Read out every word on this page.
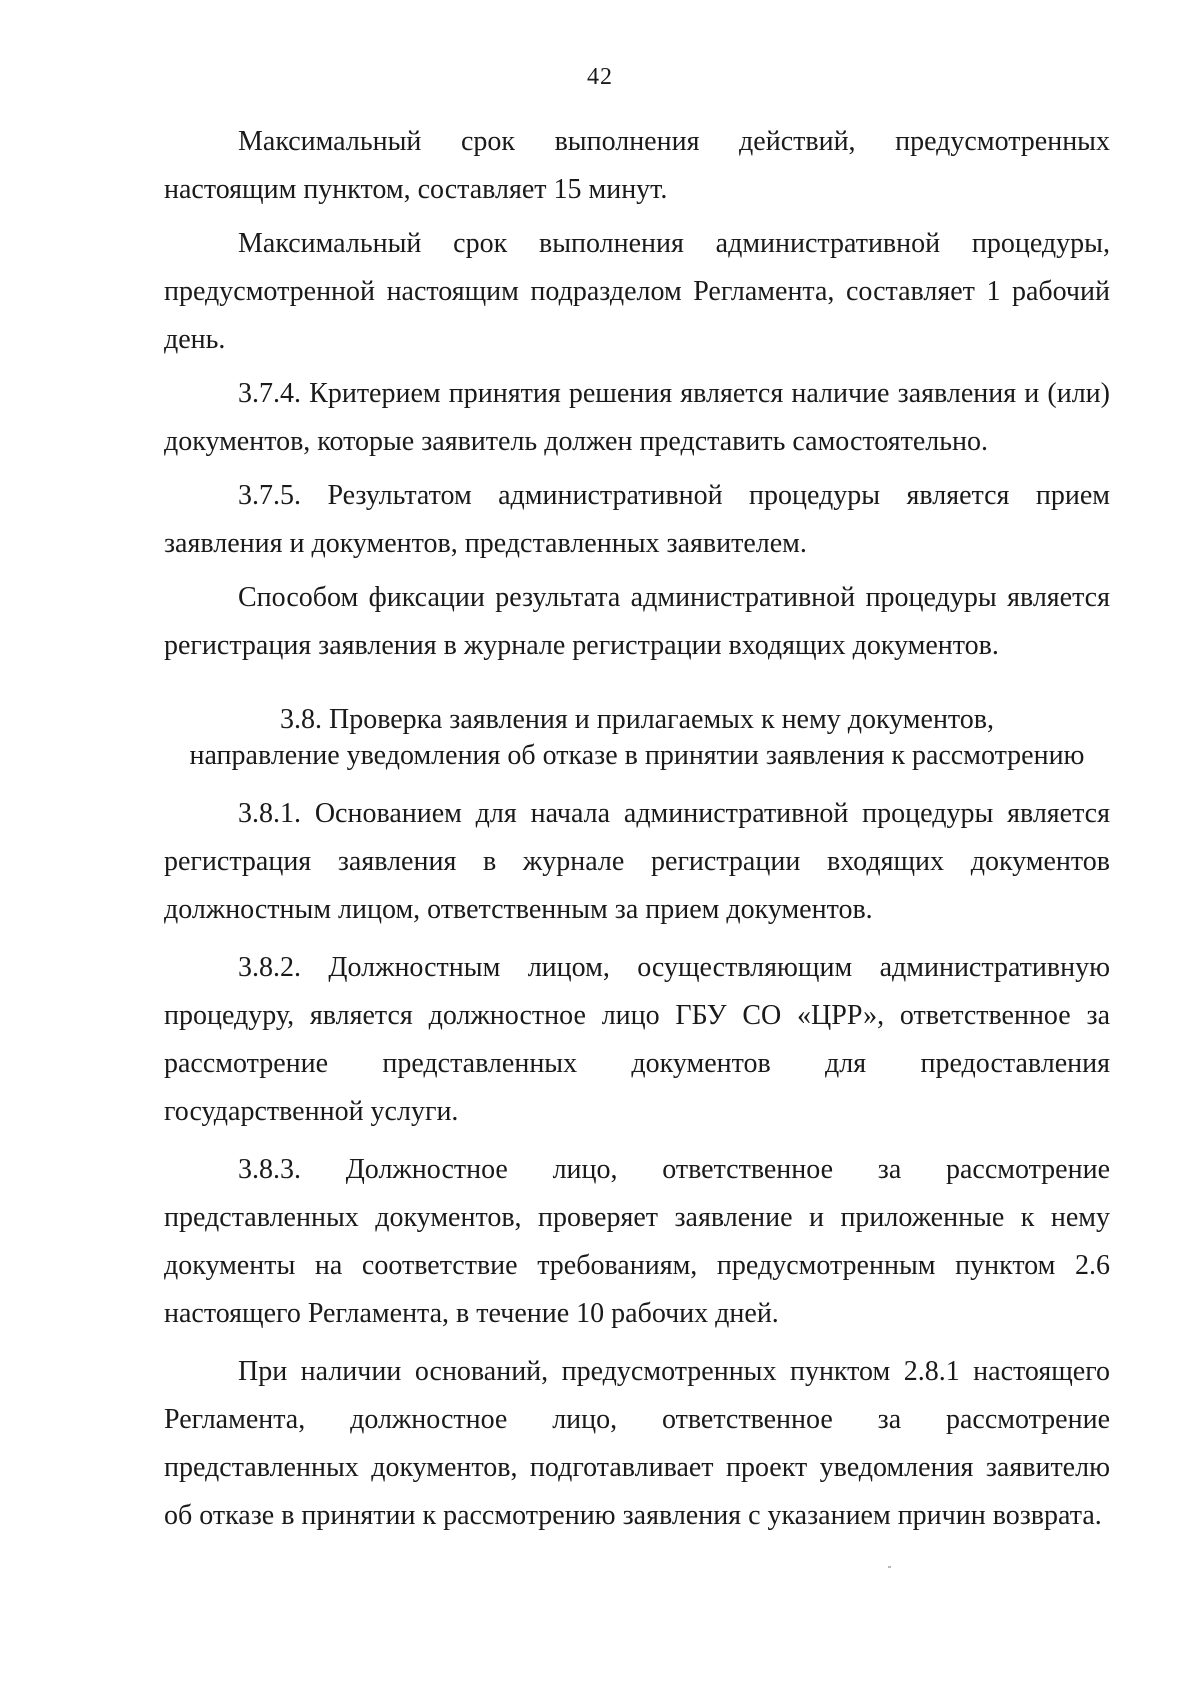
42

Максимальный срок выполнения действий, предусмотренных настоящим пунктом, составляет 15 минут.

Максимальный срок выполнения административной процедуры, предусмотренной настоящим подразделом Регламента, составляет 1 рабочий день.

3.7.4. Критерием принятия решения является наличие заявления и (или) документов, которые заявитель должен представить самостоятельно.

3.7.5. Результатом административной процедуры является прием заявления и документов, представленных заявителем.

Способом фиксации результата административной процедуры является регистрация заявления в журнале регистрации входящих документов.

3.8. Проверка заявления и прилагаемых к нему документов,
направление уведомления об отказе в принятии заявления к рассмотрению

3.8.1. Основанием для начала административной процедуры является регистрация заявления в журнале регистрации входящих документов должностным лицом, ответственным за прием документов.

3.8.2. Должностным лицом, осуществляющим административную процедуру, является должностное лицо ГБУ СО «ЦРР», ответственное за рассмотрение представленных документов для предоставления государственной услуги.

3.8.3. Должностное лицо, ответственное за рассмотрение представленных документов, проверяет заявление и приложенные к нему документы на соответствие требованиям, предусмотренным пунктом 2.6 настоящего Регламента, в течение 10 рабочих дней.

При наличии оснований, предусмотренных пунктом 2.8.1 настоящего Регламента, должностное лицо, ответственное за рассмотрение представленных документов, подготавливает проект уведомления заявителю об отказе в принятии к рассмотрению заявления с указанием причин возврата.
